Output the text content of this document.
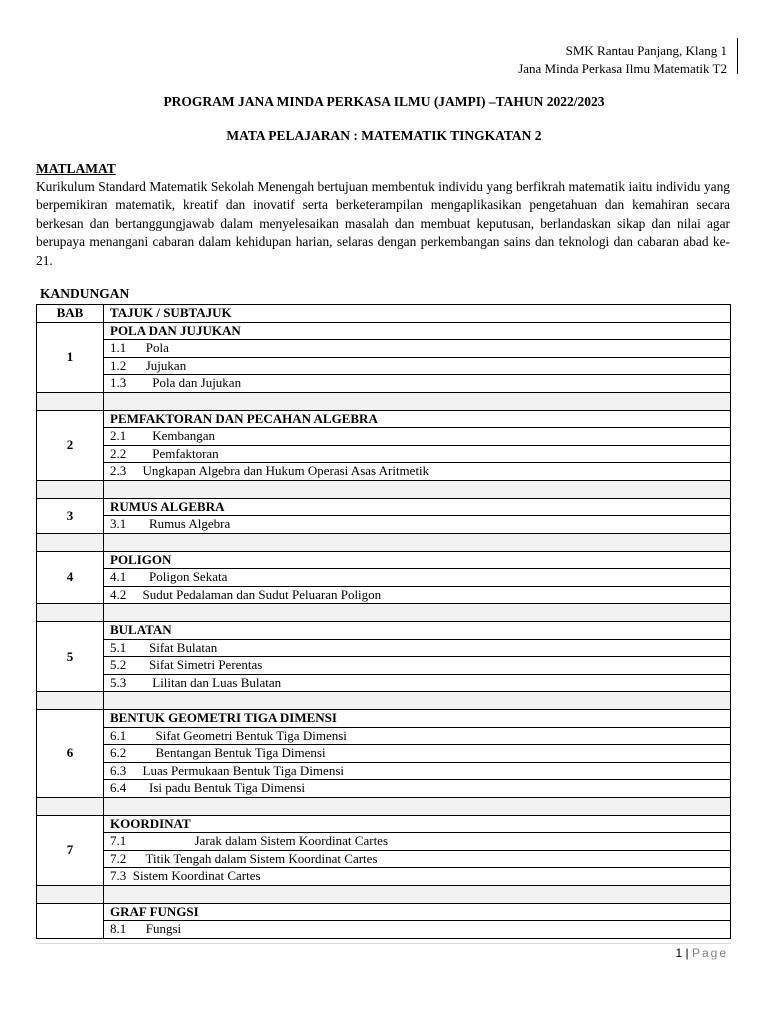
SMK Rantau Panjang, Klang 1
Jana Minda Perkasa Ilmu Matematik T2
PROGRAM JANA MINDA PERKASA ILMU (JAMPI) –TAHUN 2022/2023
MATA PELAJARAN : MATEMATIK TINGKATAN 2
MATLAMAT

Kurikulum Standard Matematik Sekolah Menengah bertujuan membentuk individu yang berfikrah matematik iaitu individu yang berpemikiran matematik, kreatif dan inovatif serta berketerampilan mengaplikasikan pengetahuan dan kemahiran secara berkesan dan bertanggungjawab dalam menyelesaikan masalah dan membuat keputusan, berlandaskan sikap dan nilai agar berupaya menangani cabaran dalam kehidupan harian, selaras dengan perkembangan sains dan teknologi dan cabaran abad ke-21.

KANDUNGAN
BAB	TAJUK / SUBTAJUK
1	POLA DAN JUJUKAN
	1.1      Pola
	1.2      Jujukan
	1.3        Pola dan Jujukan

2	PEMFAKTORAN DAN PECAHAN ALGEBRA
	2.1        Kembangan
	2.2        Pemfaktoran
	2.3     Ungkapan Algebra dan Hukum Operasi Asas Aritmetik

3	RUMUS ALGEBRA
	3.1       Rumus Algebra

4	POLIGON
	4.1       Poligon Sekata
	4.2     Sudut Pedalaman dan Sudut Peluaran Poligon

5	BULATAN
	5.1       Sifat Bulatan
	5.2       Sifat Simetri Perentas
	5.3        Lilitan dan Luas Bulatan

6	BENTUK GEOMETRI TIGA DIMENSI
	6.1         Sifat Geometri Bentuk Tiga Dimensi
	6.2         Bentangan Bentuk Tiga Dimensi
	6.3     Luas Permukaan Bentuk Tiga Dimensi
	6.4       Isi padu Bentuk Tiga Dimensi

7	KOORDINAT
	7.1                     Jarak dalam Sistem Koordinat Cartes
	7.2      Titik Tengah dalam Sistem Koordinat Cartes
	7.3  Sistem Koordinat Cartes

	GRAF FUNGSI
	8.1      Fungsi
1 | Page
